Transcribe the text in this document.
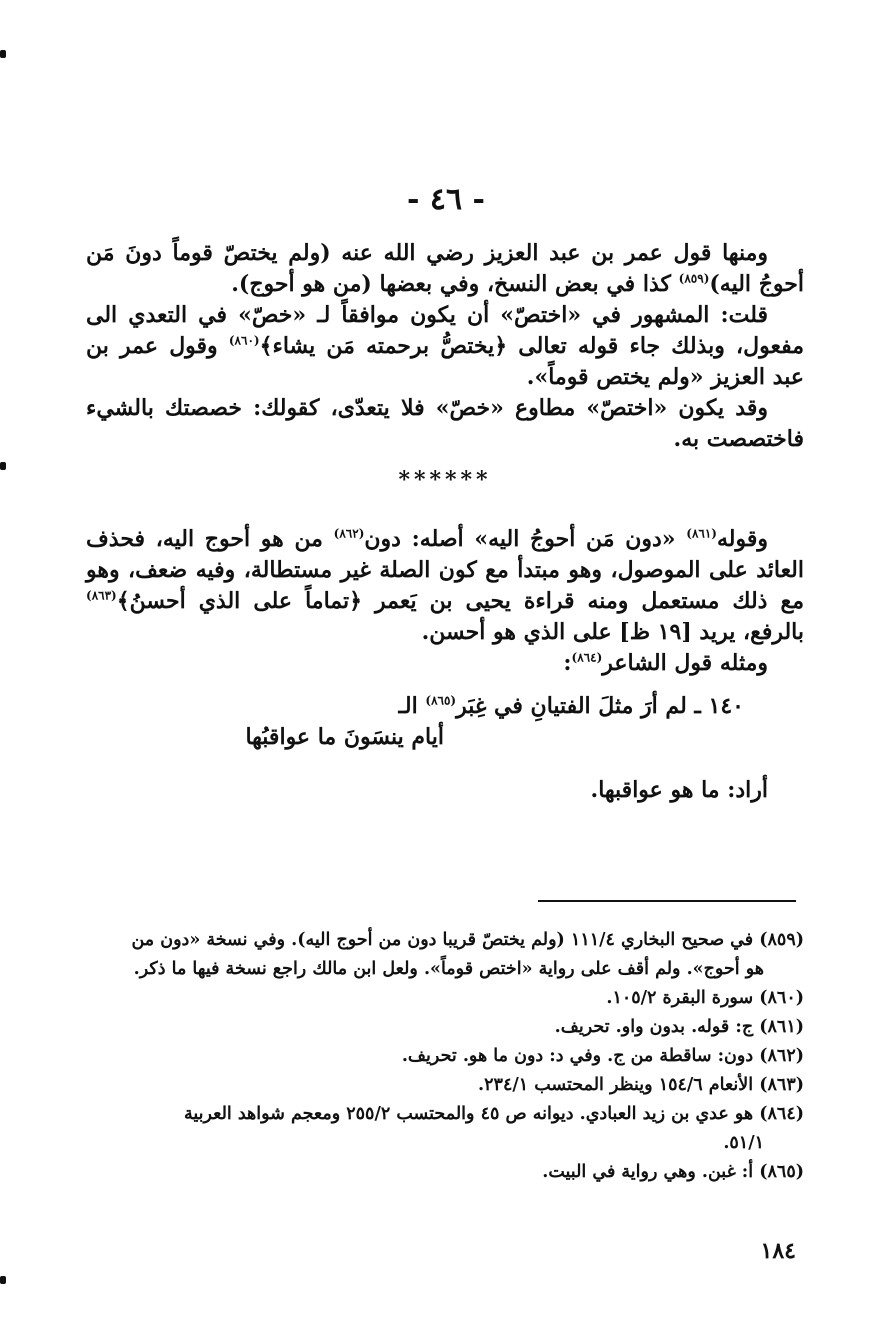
- ٤٦ -

ومنها قول عمر بن عبد العزيز رضي الله عنه (ولم يختصّ قوماً دونَ مَن أحوجُ اليه)$^{(٨٥٩)}$ كذا في بعض النسخ، وفي بعضها (من هو أحوج).

قلت: المشهور في «اختصّ» أن يكون موافقاً لـ «خصّ» في التعدي الى مفعول، وبذلك جاء قوله تعالى ﴿يختصُّ برحمته مَن يشاء﴾$^{(٨٦٠)}$ وقول عمر بن عبد العزيز «ولم يختص قوماً».

وقد يكون «اختصّ» مطاوع «خصّ» فلا يتعدّى، كقولك: خصصتك بالشيء فاختصصت به.

******

وقوله$^{(٨٦١)}$ «دون مَن أحوجُ اليه» أصله: دون$^{(٨٦٢)}$ من هو أحوج اليه، فحذف العائد على الموصول، وهو مبتدأ مع كون الصلة غير مستطالة، وفيه ضعف، وهو مع ذلك مستعمل ومنه قراءة يحيى بن يَعمر ﴿تماماً على الذي أحسنُ﴾$^{(٨٦٣)}$ بالرفع، يريد [١٩ ظ] على الذي هو أحسن.

ومثله قول الشاعر$^{(٨٦٤)}$:

١٤٠ ـ لم أرَ مثلَ الفتيانِ في غِبَر$^{(٨٦٥)}$ الـ

أيام ينسَونَ ما عواقبُها

أراد: ما هو عواقبها.

(٨٥٩) في صحيح البخاري ١١١/٤ (ولم يختصّ قريبا دون من أحوج اليه). وفي نسخة «دون من
هو أحوج». ولم أقف على رواية «اختص قوماً». ولعل ابن مالك راجع نسخة فيها ما ذكر.

(٨٦٠) سورة البقرة ١٠٥/٢.

(٨٦١) ج: قوله. بدون واو. تحريف.

(٨٦٢) دون: ساقطة من ج. وفي د: دون ما هو. تحريف.

(٨٦٣) الأنعام ١٥٤/٦ وينظر المحتسب ٢٣٤/١.

(٨٦٤) هو عدي بن زيد العبادي. ديوانه ص ٤٥ والمحتسب ٢٥٥/٢ ومعجم شواهد العربية
٥١/١.

(٨٦٥) أ: غبن. وهي رواية في البيت.

١٨٤
